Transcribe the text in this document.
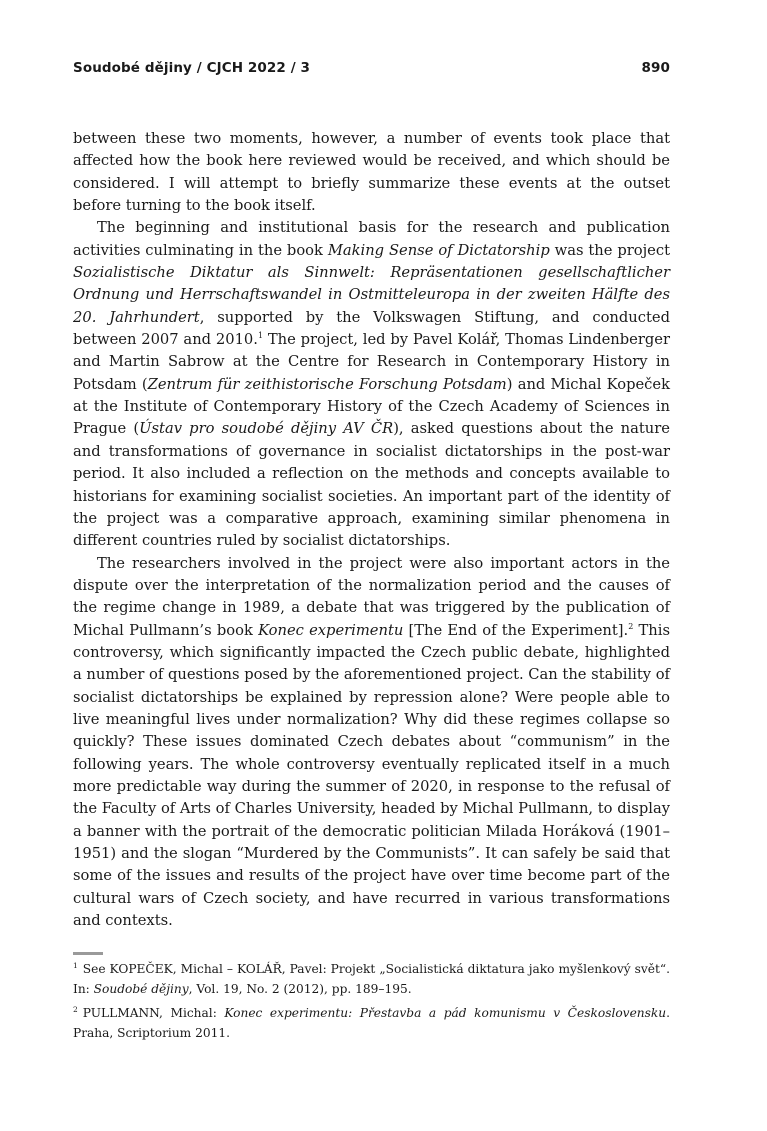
Soudobé dějiny / CJCH 2022 / 3	890

between these two moments, however, a number of events took place that affected how the book here reviewed would be received, and which should be considered. I will attempt to briefly summarize these events at the outset before turning to the book itself.

The beginning and institutional basis for the research and publication activities culminating in the book Making Sense of Dictatorship was the project Sozialistische Diktatur als Sinnwelt: Repräsentationen gesellschaftlicher Ordnung und Herrschaftswandel in Ostmitteleuropa in der zweiten Hälfte des 20. Jahrhundert, supported by the Volkswagen Stiftung, and conducted between 2007 and 2010.$^1$ The project, led by Pavel Kolář, Thomas Lindenberger and Martin Sabrow at the Centre for Research in Contemporary History in Potsdam (Zentrum für zeithistorische Forschung Potsdam) and Michal Kopeček at the Institute of Contemporary History of the Czech Academy of Sciences in Prague (Ústav pro soudobé dějiny AV ČR), asked questions about the nature and transformations of governance in socialist dictatorships in the post-war period. It also included a reflection on the methods and concepts available to historians for examining socialist societies. An important part of the identity of the project was a comparative approach, examining similar phenomena in different countries ruled by socialist dictatorships.

The researchers involved in the project were also important actors in the dispute over the interpretation of the normalization period and the causes of the regime change in 1989, a debate that was triggered by the publication of Michal Pullmann’s book Konec experimentu [The End of the Experiment].$^2$ This controversy, which significantly impacted the Czech public debate, highlighted a number of questions posed by the aforementioned project. Can the stability of socialist dictatorships be explained by repression alone? Were people able to live meaningful lives under normalization? Why did these regimes collapse so quickly? These issues dominated Czech debates about “communism” in the following years. The whole controversy eventually replicated itself in a much more predictable way during the summer of 2020, in response to the refusal of the Faculty of Arts of Charles University, headed by Michal Pullmann, to display a banner with the portrait of the democratic politician Milada Horáková (1901–1951) and the slogan “Murdered by the Communists”. It can safely be said that some of the issues and results of the project have over time become part of the cultural wars of Czech society, and have recurred in various transformations and contexts.

$^1$ See KOPEČEK, Michal – KOLÁŘ, Pavel: Projekt „Socialistická diktatura jako myšlenkový svět“. In: Soudobé dějiny, Vol. 19, No. 2 (2012), pp. 189–195.

$^2$ PULLMANN, Michal: Konec experimentu: Přestavba a pád komunismu v Československu. Praha, Scriptorium 2011.
